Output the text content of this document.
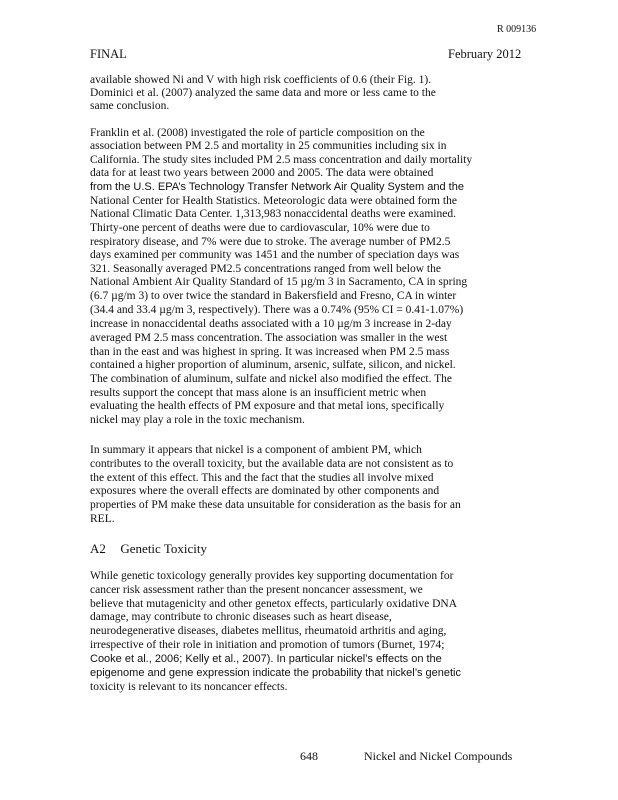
R 009136
FINAL	February 2012
available showed Ni and V with high risk coefficients of 0.6 (their Fig. 1).
Dominici et al. (2007) analyzed the same data and more or less came to the
same conclusion.
Franklin et al. (2008) investigated the role of particle composition on the
association between PM 2.5 and mortality in 25 communities including six in
California. The study sites included PM 2.5 mass concentration and daily mortality
data for at least two years between 2000 and 2005. The data were obtained
from the U.S. EPA’s Technology Transfer Network Air Quality System and the
National Center for Health Statistics. Meteorologic data were obtained form the
National Climatic Data Center. 1,313,983 nonaccidental deaths were examined.
Thirty-one percent of deaths were due to cardiovascular, 10% were due to
respiratory disease, and 7% were due to stroke. The average number of PM2.5
days examined per community was 1451 and the number of speciation days was
321. Seasonally averaged PM2.5 concentrations ranged from well below the
National Ambient Air Quality Standard of 15 µg/m 3 in Sacramento, CA in spring
(6.7 µg/m 3) to over twice the standard in Bakersfield and Fresno, CA in winter
(34.4 and 33.4 µg/m 3, respectively). There was a 0.74% (95% CI = 0.41-1.07%)
increase in nonaccidental deaths associated with a 10 µg/m 3 increase in 2-day
averaged PM 2.5 mass concentration. The association was smaller in the west
than in the east and was highest in spring. It was increased when PM 2.5 mass
contained a higher proportion of aluminum, arsenic, sulfate, silicon, and nickel.
The combination of aluminum, sulfate and nickel also modified the effect. The
results support the concept that mass alone is an insufficient metric when
evaluating the health effects of PM exposure and that metal ions, specifically
nickel may play a role in the toxic mechanism.
In summary it appears that nickel is a component of ambient PM, which
contributes to the overall toxicity, but the available data are not consistent as to
the extent of this effect. This and the fact that the studies all involve mixed
exposures where the overall effects are dominated by other components and
properties of PM make these data unsuitable for consideration as the basis for an
REL.
A2 Genetic Toxicity
While genetic toxicology generally provides key supporting documentation for
cancer risk assessment rather than the present noncancer assessment, we
believe that mutagenicity and other genetox effects, particularly oxidative DNA
damage, may contribute to chronic diseases such as heart disease,
neurodegenerative diseases, diabetes mellitus, rheumatoid arthritis and aging,
irrespective of their role in initiation and promotion of tumors (Burnet, 1974;
Cooke et al., 2006; Kelly et al., 2007). In particular nickel’s effects on the
epigenome and gene expression indicate the probability that nickel’s genetic
toxicity is relevant to its noncancer effects.
648	Nickel and Nickel Compounds
